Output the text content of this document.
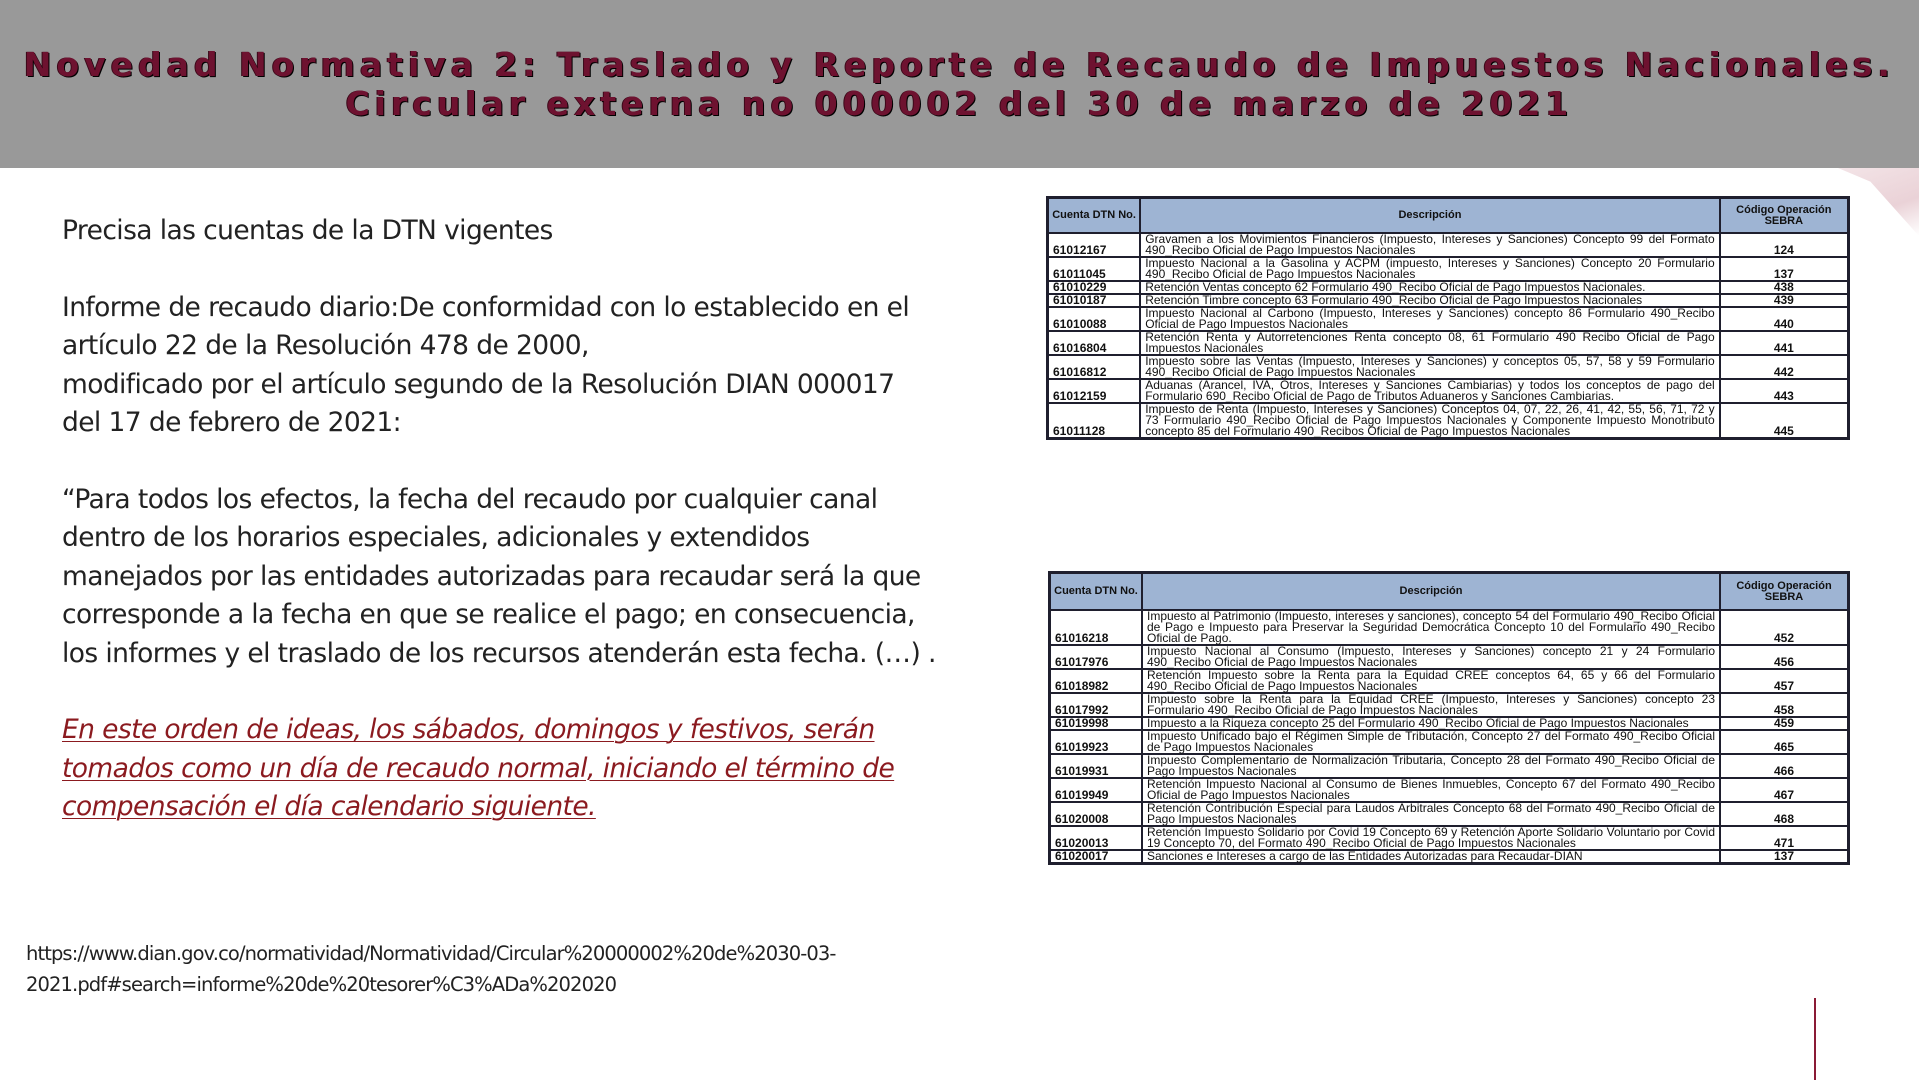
Novedad Normativa 2: Traslado y Reporte de Recaudo de Impuestos Nacionales.
Circular externa no 000002 del 30 de marzo de 2021

Precisa las cuentas de la DTN vigentes

Informe de recaudo diario:De conformidad con lo establecido en el artículo 22 de la Resolución 478 de 2000,
modificado por el artículo segundo de la Resolución DIAN 000017 del 17 de febrero de 2021:

“Para todos los efectos, la fecha del recaudo por cualquier canal dentro de los horarios especiales, adicionales y extendidos manejados por las entidades autorizadas para recaudar será la que corresponde a la fecha en que se realice el pago; en consecuencia, los informes y el traslado de los recursos atenderán esta fecha. (…) .

En este orden de ideas, los sábados, domingos y festivos, serán tomados como un día de recaudo normal, iniciando el término de compensación el día calendario siguiente.

https://www.dian.gov.co/normatividad/Normatividad/Circular%20000002%20de%2030-03-2021.pdf#search=informe%20de%20tesorer%C3%ADa%202020
Cuenta DTN No.	Descripción	Código Operación SEBRA
61012167	Gravamen a los Movimientos Financieros (Impuesto, Intereses y Sanciones) Concepto 99 del Formato 490_Recibo Oficial de Pago Impuestos Nacionales	124
61011045	Impuesto Nacional a la Gasolina y ACPM (impuesto, Intereses y Sanciones) Concepto 20 Formulario 490_Recibo Oficial de Pago Impuestos Nacionales	137
61010229	Retención Ventas concepto 62 Formulario 490_Recibo Oficial de Pago Impuestos Nacionales.	438
61010187	Retención Timbre concepto 63 Formulario 490_Recibo Oficial de Pago Impuestos Nacionales	439
61010088	Impuesto Nacional al Carbono (Impuesto, Intereses y Sanciones) concepto 86 Formulario 490_Recibo Oficial de Pago Impuestos Nacionales	440
61016804	Retención Renta y Autorretenciones Renta concepto 08, 61 Formulario 490 Recibo Oficial de Pago Impuestos Nacionales	441
61016812	Impuesto sobre las Ventas (Impuesto, Intereses y Sanciones) y conceptos 05, 57, 58 y 59 Formulario 490_Recibo Oficial de Pago Impuestos Nacionales	442
61012159	Aduanas (Arancel, IVA, Otros, Intereses y Sanciones Cambiarias) y todos los conceptos de pago del Formulario 690_Recibo Oficial de Pago de Tributos Aduaneros y Sanciones Cambiarias.	443
61011128	Impuesto de Renta (Impuesto, Intereses y Sanciones) Conceptos 04, 07, 22, 26, 41, 42, 55, 56, 71, 72 y 73 Formulario 490_Recibo Oficial de Pago Impuestos Nacionales y Componente Impuesto Monotributo concepto 85 del Formulario 490_Recibos Oficial de Pago Impuestos Nacionales	445
Cuenta DTN No.	Descripción	Código Operación SEBRA
61016218	Impuesto al Patrimonio (Impuesto, intereses y sanciones), concepto 54 del Formulario 490_Recibo Oficial de Pago e Impuesto para Preservar la Seguridad Democrática Concepto 10 del Formulario 490_Recibo Oficial de Pago.	452
61017976	Impuesto Nacional al Consumo (Impuesto, Intereses y Sanciones) concepto 21 y 24 Formulario 490_Recibo Oficial de Pago Impuestos Nacionales	456
61018982	Retención Impuesto sobre la Renta para la Equidad CREE conceptos 64, 65 y 66 del Formulario 490_Recibo Oficial de Pago Impuestos Nacionales	457
61017992	Impuesto sobre la Renta para la Equidad CREE (Impuesto, Intereses y Sanciones) concepto 23 Formulario 490_Recibo Oficial de Pago Impuestos Nacionales	458
61019998	Impuesto a la Riqueza concepto 25 del Formulario 490_Recibo Oficial de Pago Impuestos Nacionales	459
61019923	Impuesto Unificado bajo el Régimen Simple de Tributación, Concepto 27 del Formato 490_Recibo Oficial de Pago Impuestos Nacionales	465
61019931	Impuesto Complementario de Normalización Tributaria, Concepto 28 del Formato 490_Recibo Oficial de Pago Impuestos Nacionales	466
61019949	Retención Impuesto Nacional al Consumo de Bienes Inmuebles, Concepto 67 del Formato 490_Recibo Oficial de Pago Impuestos Nacionales	467
61020008	Retención Contribución Especial para Laudos Arbitrales Concepto 68 del Formato 490_Recibo Oficial de Pago Impuestos Nacionales	468
61020013	Retención Impuesto Solidario por Covid 19 Concepto 69 y Retención Aporte Solidario Voluntario por Covid 19 Concepto 70, del Formato 490_Recibo Oficial de Pago Impuestos Nacionales	471
61020017	Sanciones e Intereses a cargo de las Entidades Autorizadas para Recaudar-DIAN	137
